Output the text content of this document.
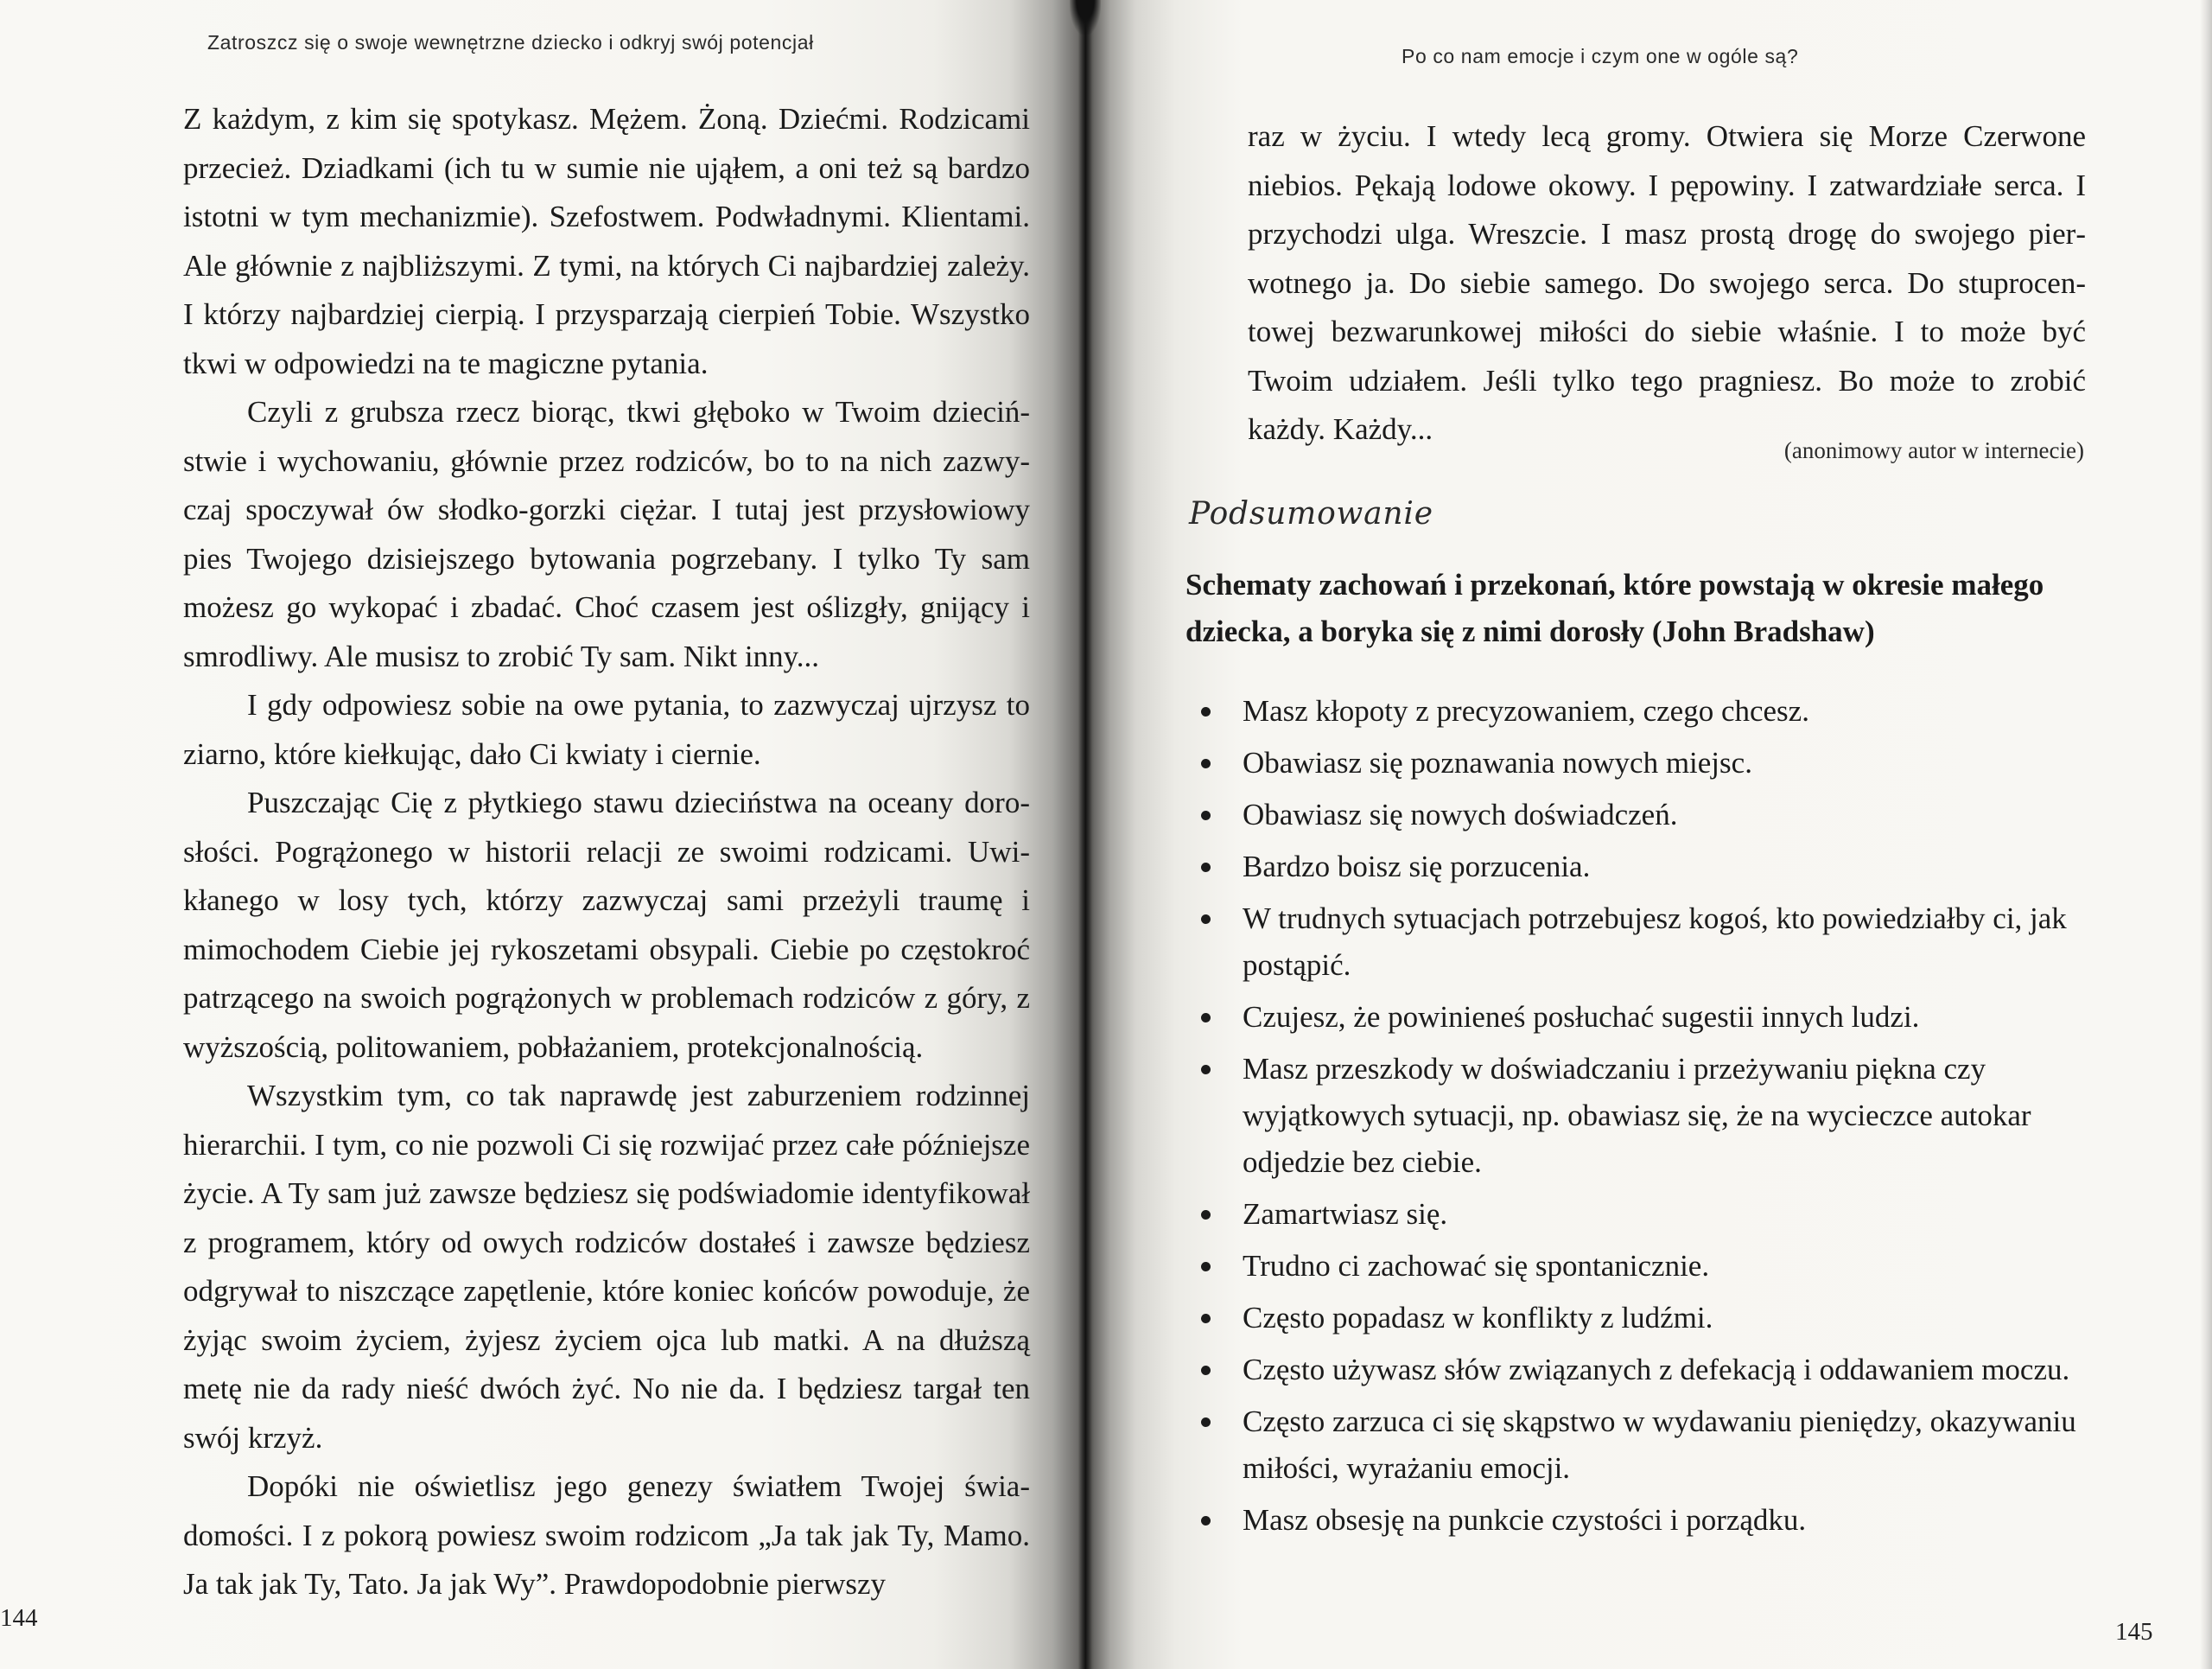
Zatroszcz się o swoje wewnętrzne dziecko i odkryj swój potencjał

Z każdym, z kim się spotykasz. Mężem. Żoną. Dziećmi. Rodzicami przecież. Dziadkami (ich tu w sumie nie ująłem, a oni też są bardzo istotni w tym mechanizmie). Szefostwem. Podwładnymi. Klientami. Ale głównie z najbliższymi. Z tymi, na których Ci najbardziej zależy. I którzy najbardziej cierpią. I przysparzają cierpień Tobie. Wszystko tkwi w odpowiedzi na te magiczne pytania.

Czyli z grubsza rzecz biorąc, tkwi głęboko w Twoim dzieciństwie i wychowaniu, głównie przez rodziców, bo to na nich zazwyczaj spoczywał ów słodko-gorzki ciężar. I tutaj jest przysłowiowy pies Twojego dzisiejszego bytowania pogrzebany. I tylko Ty sam możesz go wykopać i zbadać. Choć czasem jest oślizgły, gnijący i smrodliwy. Ale musisz to zrobić Ty sam. Nikt inny...

I gdy odpowiesz sobie na owe pytania, to zazwyczaj ujrzysz to ziarno, które kiełkując, dało Ci kwiaty i ciernie.

Puszczając Cię z płytkiego stawu dzieciństwa na oceany dorosłości. Pogrążonego w historii relacji ze swoimi rodzicami. Uwikłanego w losy tych, którzy zazwyczaj sami przeżyli traumę i mimochodem Ciebie jej rykoszetami obsypali. Ciebie po częstokroć patrzącego na swoich pogrążonych w problemach rodziców z góry, z wyższością, politowaniem, pobłażaniem, protekcjonalnością.

Wszystkim tym, co tak naprawdę jest zaburzeniem rodzinnej hierarchii. I tym, co nie pozwoli Ci się rozwijać przez całe późniejsze życie. A Ty sam już zawsze będziesz się podświadomie identyfikował z programem, który od owych rodziców dostałeś i zawsze będziesz odgrywał to niszczące zapętlenie, które koniec końców powoduje, że żyjąc swoim życiem, żyjesz życiem ojca lub matki. A na dłuższą metę nie da rady nieść dwóch żyć. No nie da. I będziesz targał ten swój krzyż.

Dopóki nie oświetlisz jego genezy światłem Twojej świadomości. I z pokorą powiesz swoim rodzicom „Ja tak jak Ty, Mamo. Ja tak jak Ty, Tato. Ja jak Wy”. Prawdopodobnie pierwszy

144
Po co nam emocje i czym one w ogóle są?

raz w życiu. I wtedy lecą gromy. Otwiera się Morze Czerwone niebios. Pękają lodowe okowy. I pępowiny. I zatwardziałe serca. I przychodzi ulga. Wreszcie. I masz prostą drogę do swojego pierwotnego ja. Do siebie samego. Do swojego serca. Do stuprocentowej bezwarunkowej miłości do siebie właśnie. I to może być Twoim udziałem. Jeśli tylko tego pragniesz. Bo może to zrobić każdy. Każdy...

(anonimowy autor w internecie)
Podsumowanie
Schematy zachowań i przekonań, które powstają w okresie małego dziecka, a boryka się z nimi dorosły (John Bradshaw)
Masz kłopoty z precyzowaniem, czego chcesz.
Obawiasz się poznawania nowych miejsc.
Obawiasz się nowych doświadczeń.
Bardzo boisz się porzucenia.
W trudnych sytuacjach potrzebujesz kogoś, kto powiedziałby ci, jak postąpić.
Czujesz, że powinieneś posłuchać sugestii innych ludzi.
Masz przeszkody w doświadczaniu i przeżywaniu piękna czy wyjątkowych sytuacji, np. obawiasz się, że na wycieczce autokar odjedzie bez ciebie.
Zamartwiasz się.
Trudno ci zachować się spontanicznie.
Często popadasz w konflikty z ludźmi.
Często używasz słów związanych z defekacją i oddawaniem moczu.
Często zarzuca ci się skąpstwo w wydawaniu pieniędzy, okazywaniu miłości, wyrażaniu emocji.
Masz obsesję na punkcie czystości i porządku.
145
